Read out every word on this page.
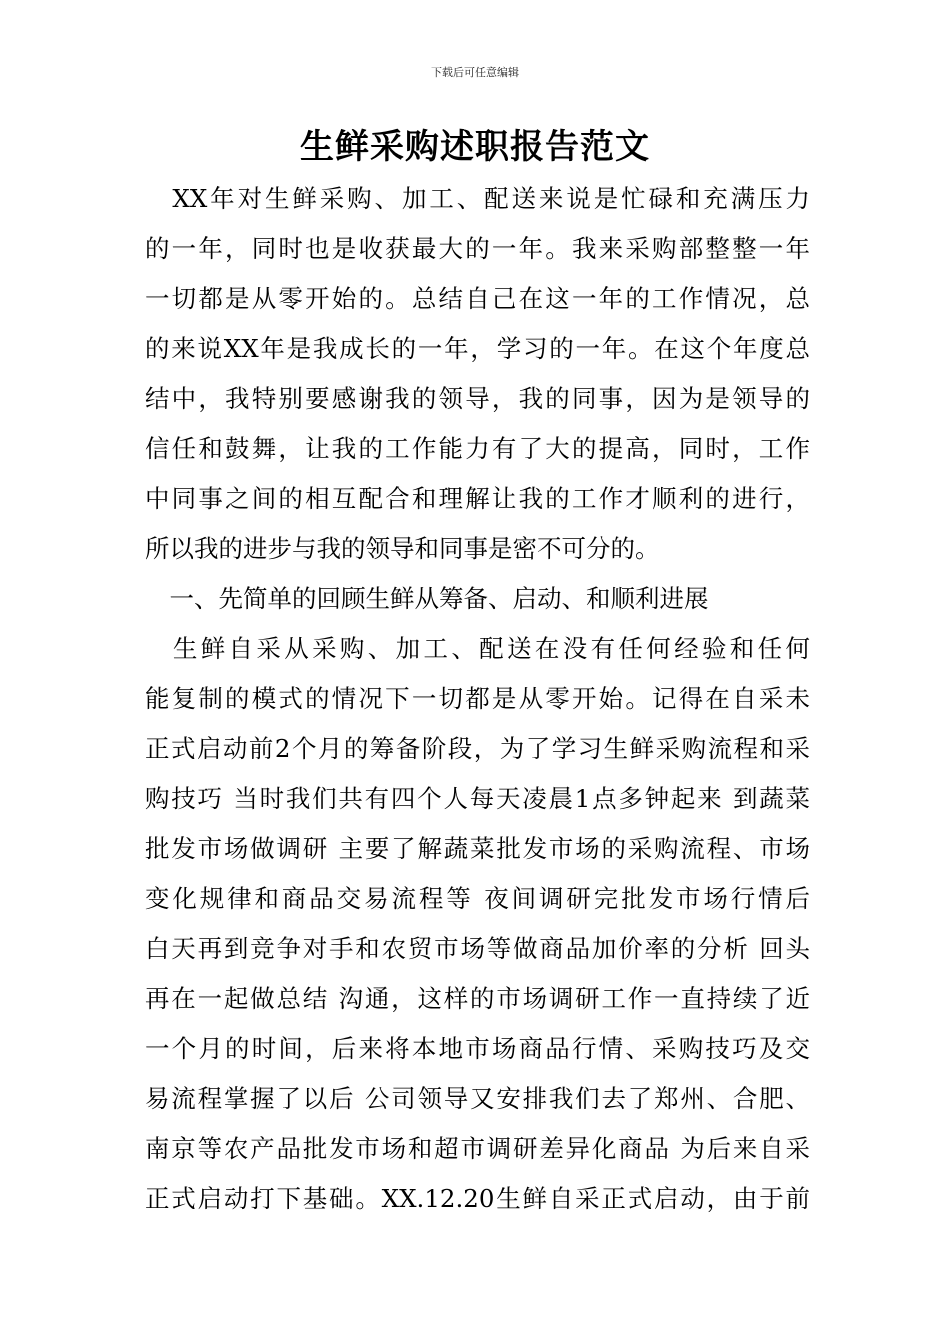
下载后可任意编辑
生鲜采购述职报告范文
　XX年对生鲜采购、加工、配送来说是忙碌和充满压力
的一年，同时也是收获最大的一年。我来采购部整整一年
一切都是从零开始的。总结自己在这一年的工作情况，总
的来说XX年是我成长的一年，学习的一年。在这个年度总
结中，我特别要感谢我的领导，我的同事，因为是领导的
信任和鼓舞，让我的工作能力有了大的提高，同时，工作
中同事之间的相互配合和理解让我的工作才顺利的进行，
所以我的进步与我的领导和同事是密不可分的。
　一、先简单的回顾生鲜从筹备、启动、和顺利进展
　生鲜自采从采购、加工、配送在没有任何经验和任何
能复制的模式的情况下一切都是从零开始。记得在自采未
正式启动前2个月的筹备阶段，为了学习生鲜采购流程和采
购技巧 当时我们共有四个人每天凌晨1点多钟起来 到蔬菜
批发市场做调研 主要了解蔬菜批发市场的采购流程、市场
变化规律和商品交易流程等 夜间调研完批发市场行情后
白天再到竞争对手和农贸市场等做商品加价率的分析 回头
再在一起做总结 沟通，这样的市场调研工作一直持续了近
一个月的时间，后来将本地市场商品行情、采购技巧及交
易流程掌握了以后 公司领导又安排我们去了郑州、合肥、
南京等农产品批发市场和超市调研差异化商品 为后来自采
正式启动打下基础。XX.12.20生鲜自采正式启动，由于前
